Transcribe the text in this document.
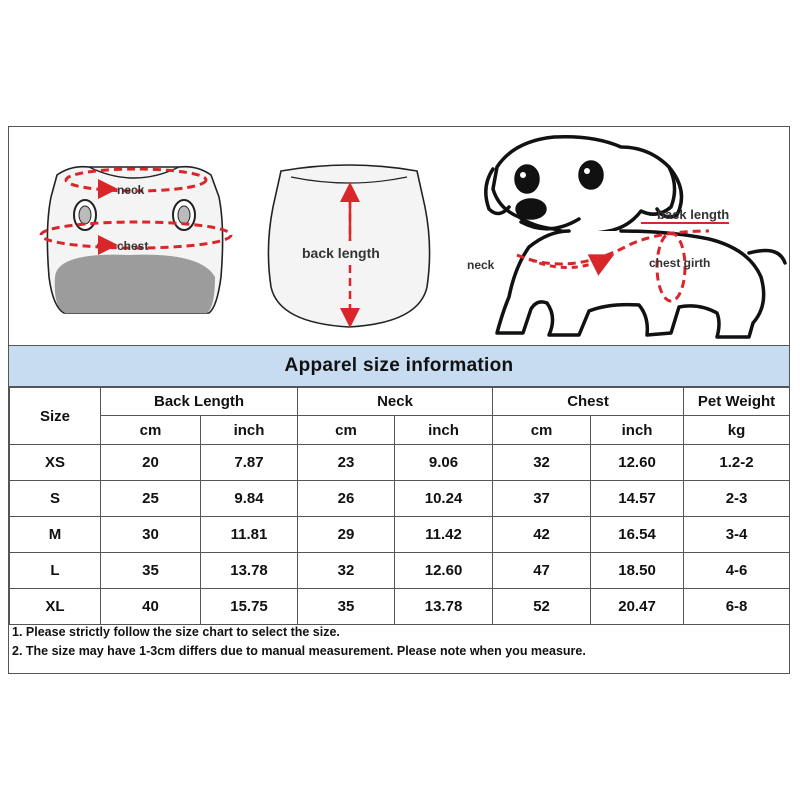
neck
chest	back length
back length
neck	chest girth
Apparel size information
Size	Back Length		Neck		Chest		Pet Weight
	cm	inch	cm	inch	cm	inch	kg
XS	20	7.87	23	9.06	32	12.60	1.2-2
S	25	9.84	26	10.24	37	14.57	2-3
M	30	11.81	29	11.42	42	16.54	3-4
L	35	13.78	32	12.60	47	18.50	4-6
XL	40	15.75	35	13.78	52	20.47	6-8
1. Please strictly follow the size chart to select the size.
2. The size may have 1-3cm differs due to manual measurement. Please note when you measure.
